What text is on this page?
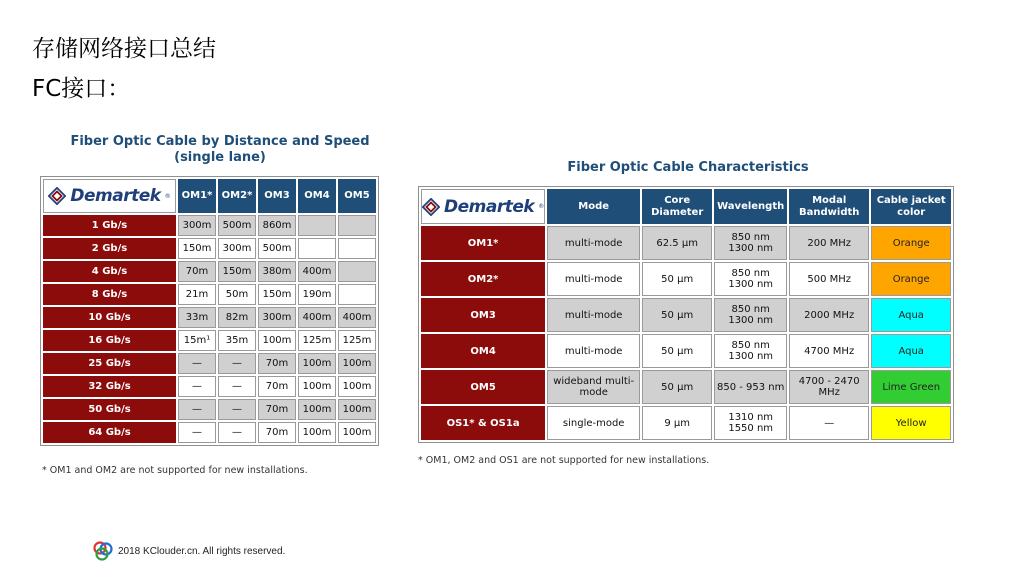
存储网络接口总结
FC接口：
Fiber Optic Cable by Distance and Speed
(single lane)
Demartek ®	OM1*	OM2*	OM3	OM4	OM5
1 Gb/s	300m	500m	860m		
2 Gb/s	150m	300m	500m		
4 Gb/s	70m	150m	380m	400m	
8 Gb/s	21m	50m	150m	190m	
10 Gb/s	33m	82m	300m	400m	400m
16 Gb/s	15m¹	35m	100m	125m	125m
25 Gb/s	—	—	70m	100m	100m
32 Gb/s	—	—	70m	100m	100m
50 Gb/s	—	—	70m	100m	100m
64 Gb/s	—	—	70m	100m	100m
* OM1 and OM2 are not supported for new installations.
Fiber Optic Cable Characteristics
Demartek ®	Mode	Core Diameter	Wavelength	Modal Bandwidth	Cable jacket color
OM1*	multi-mode	62.5 µm	850 nm
1300 nm	200 MHz	Orange
OM2*	multi-mode	50 µm	850 nm
1300 nm	500 MHz	Orange
OM3	multi-mode	50 µm	850 nm
1300 nm	2000 MHz	Aqua
OM4	multi-mode	50 µm	850 nm
1300 nm	4700 MHz	Aqua
OM5	wideband multi-mode	50 µm	850 - 953 nm	4700 - 2470 MHz	Lime Green
OS1* & OS1a	single-mode	9 µm	1310 nm
1550 nm	—	Yellow
* OM1, OM2 and OS1 are not supported for new installations.
2018 KClouder.cn. All rights reserved.
